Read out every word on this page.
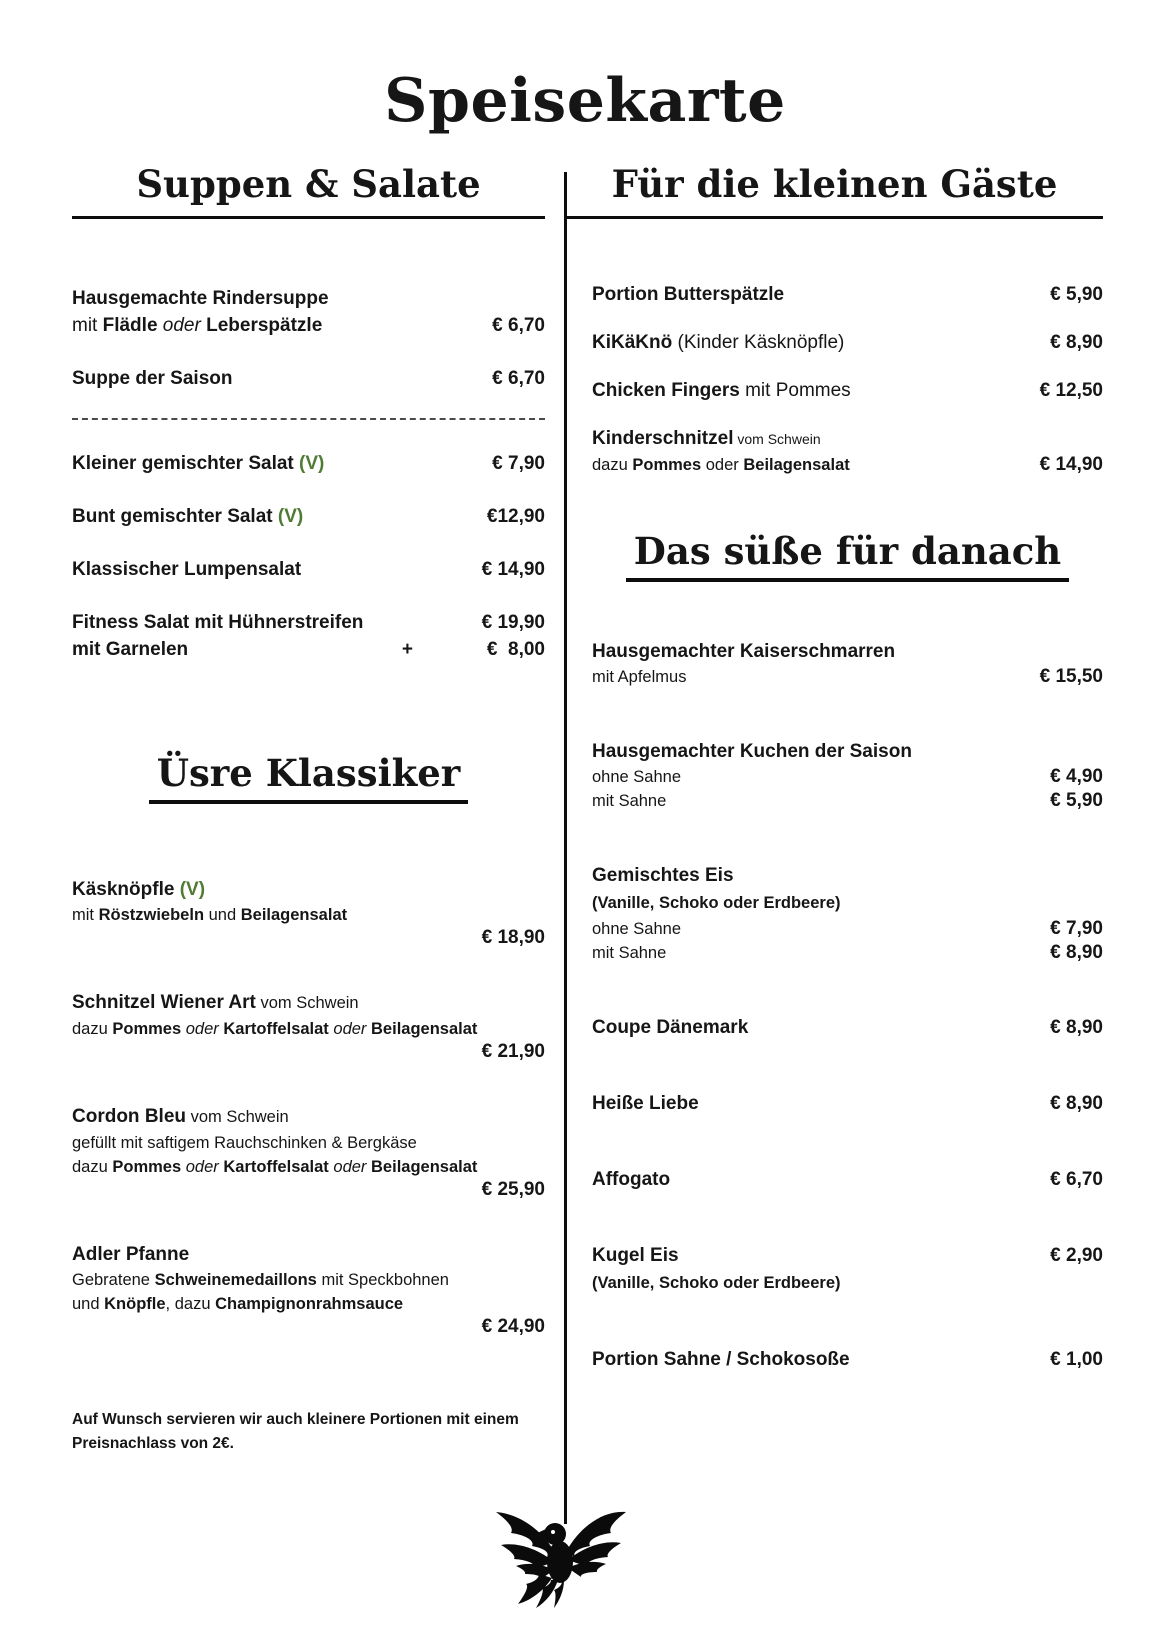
Speisekarte
Suppen & Salate
Hausgemachte Rindersuppe
mit Flädle oder Leberspätzle	€ 6,70
Suppe der Saison	€ 6,70
Kleiner gemischter Salat (V)	€ 7,90
Bunt gemischter Salat (V)	€12,90
Klassischer Lumpensalat	€ 14,90
Fitness Salat mit Hühnerstreifen	€ 19,90
mit Garnelen	+	€  8,00
Üsre Klassiker
Käsknöpfle (V)
mit Röstzwiebeln und Beilagensalat
€ 18,90
Schnitzel Wiener Art vom Schwein
dazu Pommes oder Kartoffelsalat oder Beilagensalat
€ 21,90
Cordon Bleu vom Schwein
gefüllt mit saftigem Rauchschinken & Bergkäse
dazu Pommes oder Kartoffelsalat oder Beilagensalat
€ 25,90
Adler Pfanne
Gebratene Schweinemedaillons mit Speckbohnen
und Knöpfle, dazu Champignonrahmsauce
€ 24,90

Auf Wunsch servieren wir auch kleinere Portionen mit einem
Preisnachlass von 2€.

Für die kleinen Gäste
Portion Butterspätzle	€ 5,90
KiKäKnö (Kinder Käsknöpfle)	€ 8,90
Chicken Fingers mit Pommes	€ 12,50
Kinderschnitzel vom Schwein
dazu Pommes oder Beilagensalat	€ 14,90
Das süße für danach
Hausgemachter Kaiserschmarren
mit Apfelmus	€ 15,50
Hausgemachter Kuchen der Saison
ohne Sahne	€ 4,90
mit Sahne	€ 5,90
Gemischtes Eis
(Vanille, Schoko oder Erdbeere)
ohne Sahne	€ 7,90
mit Sahne	€ 8,90
Coupe Dänemark	€ 8,90
Heiße Liebe	€ 8,90
Affogato	€ 6,70
Kugel Eis	€ 2,90
(Vanille, Schoko oder Erdbeere)
Portion Sahne / Schokosoße	€ 1,00
